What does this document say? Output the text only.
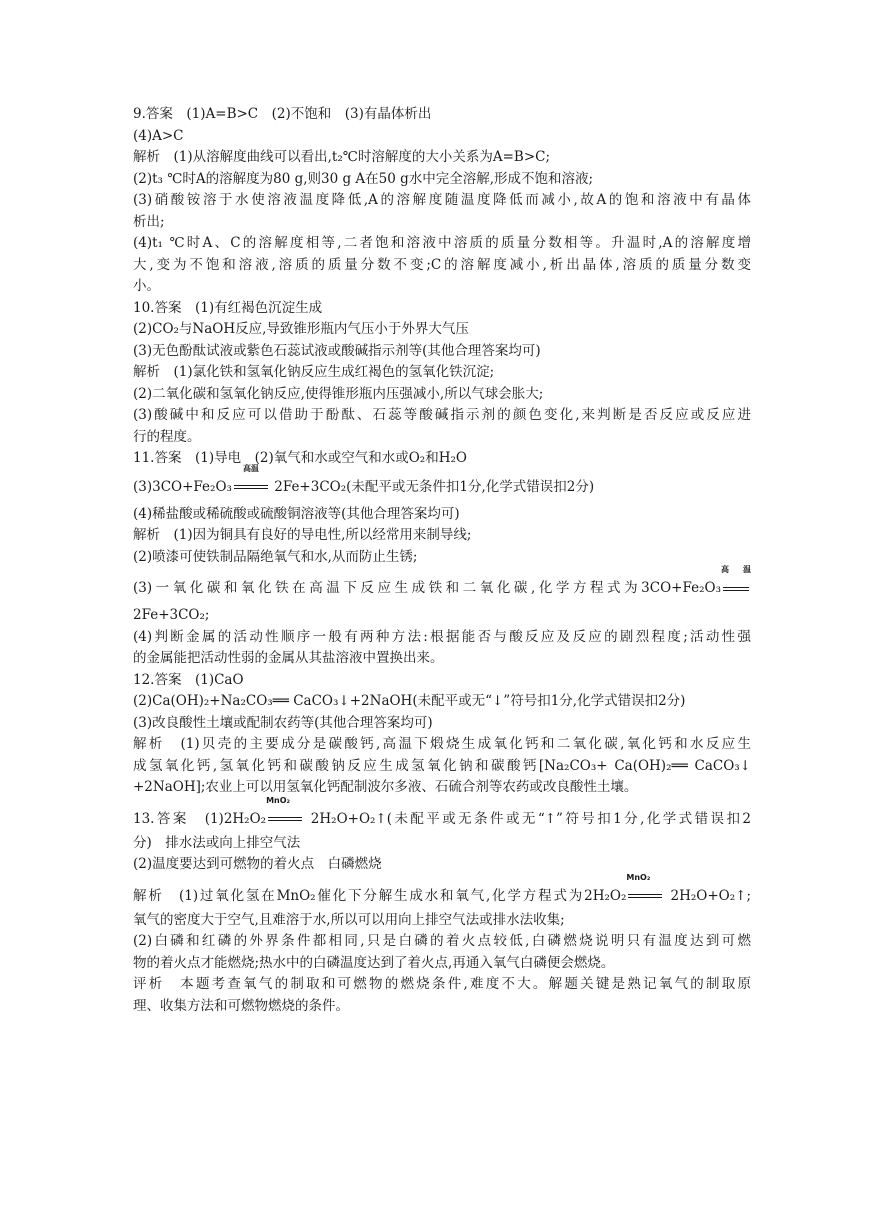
9.答案　(1)A=B>C　(2)不饱和　(3)有晶体析出

(4)A>C

解析　(1)从溶解度曲线可以看出,t₂℃时溶解度的大小关系为A=B>C;

(2)t₃ ℃时A的溶解度为80 g,则30 g A在50 g水中完全溶解,形成不饱和溶液;

(3)硝酸铵溶于水使溶液温度降低,A的溶解度随温度降低而减小,故A的饱和溶液中有晶体

析出;

(4)t₁ ℃时A、C的溶解度相等,二者饱和溶液中溶质的质量分数相等。升温时,A的溶解度增

大,变为不饱和溶液,溶质的质量分数不变;C的溶解度减小,析出晶体,溶质的质量分数变

小。

10.答案　(1)有红褐色沉淀生成

(2)CO₂与NaOH反应,导致锥形瓶内气压小于外界大气压

(3)无色酚酞试液或紫色石蕊试液或酸碱指示剂等(其他合理答案均可)

解析　(1)氯化铁和氢氧化钠反应生成红褐色的氢氧化铁沉淀;

(2)二氧化碳和氢氧化钠反应,使得锥形瓶内压强减小,所以气球会胀大;

(3)酸碱中和反应可以借助于酚酞、石蕊等酸碱指示剂的颜色变化,来判断是否反应或反应进

行的程度。

11.答案　(1)导电　(2)氧气和水或空气和水或O₂和H₂O

(3)3CO+Fe₂O₃
高温
2Fe+3CO₂(未配平或无条件扣1分,化学式错误扣2分)

(4)稀盐酸或稀硫酸或硫酸铜溶液等(其他合理答案均可)

解析　(1)因为铜具有良好的导电性,所以经常用来制导线;

(2)喷漆可使铁制品隔绝氧气和水,从而防止生锈;

(3)一氧化碳和氧化铁在高温下反应生成铁和二氧化碳,化学方程式为3CO+Fe₂O₃
高温

2Fe+3CO₂;

(4)判断金属的活动性顺序一般有两种方法:根据能否与酸反应及反应的剧烈程度;活动性强

的金属能把活动性弱的金属从其盐溶液中置换出来。

12.答案　(1)CaO

(2)Ca(OH)₂+Na₂CO₃══ CaCO₃↓+2NaOH(未配平或无“↓”符号扣1分,化学式错误扣2分)

(3)改良酸性土壤或配制农药等(其他合理答案均可)

解析　(1)贝壳的主要成分是碳酸钙,高温下煅烧生成氧化钙和二氧化碳,氧化钙和水反应生

成氢氧化钙,氢氧化钙和碳酸钠反应生成氢氧化钠和碳酸钙[Na₂CO₃+ Ca(OH)₂══ CaCO₃↓

+2NaOH];农业上可以用氢氧化钙配制波尔多液、石硫合剂等农药或改良酸性土壤。

13.答案　(1)2H₂O₂
MnO₂
2H₂O+O₂↑(未配平或无条件或无“↑”符号扣1分,化学式错误扣2

分)　排水法或向上排空气法

(2)温度要达到可燃物的着火点　白磷燃烧

解析　(1)过氧化氢在MnO₂催化下分解生成水和氧气,化学方程式为2H₂O₂
MnO₂
2H₂O+O₂↑;

氧气的密度大于空气,且难溶于水,所以可以用向上排空气法或排水法收集;

(2)白磷和红磷的外界条件都相同,只是白磷的着火点较低,白磷燃烧说明只有温度达到可燃

物的着火点才能燃烧;热水中的白磷温度达到了着火点,再通入氧气白磷便会燃烧。

评析　本题考查氧气的制取和可燃物的燃烧条件,难度不大。解题关键是熟记氧气的制取原

理、收集方法和可燃物燃烧的条件。
